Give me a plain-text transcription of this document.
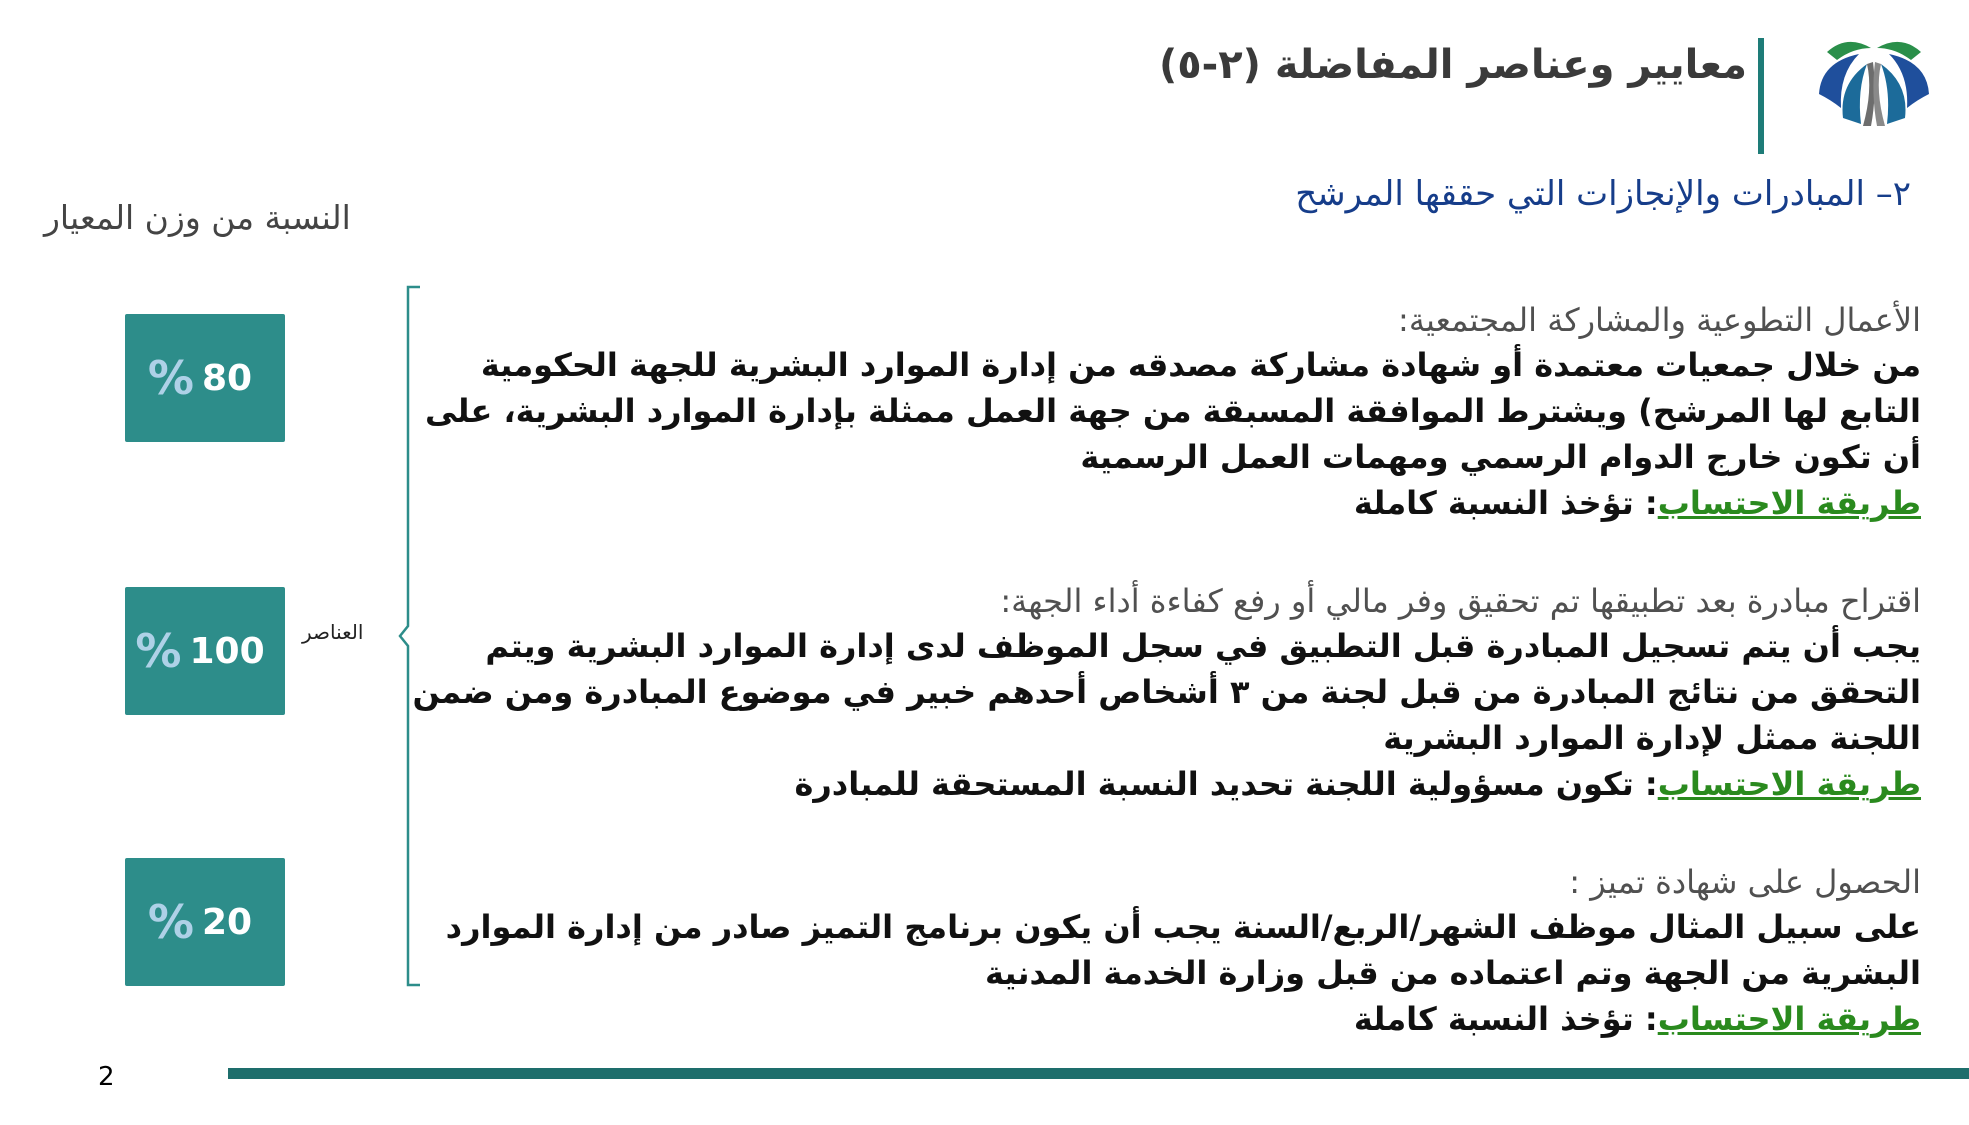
معايير وعناصر المفاضلة (٢-٥)
٢– المبادرات والإنجازات التي حققها المرشح
النسبة من وزن المعيار
80
%
100
%
20
%
العناصر
الأعمال التطوعية والمشاركة المجتمعية:
من خلال جمعيات معتمدة أو شهادة مشاركة مصدقه من إدارة الموارد البشرية للجهة الحكومية
التابع لها المرشح) ويشترط الموافقة المسبقة من جهة العمل ممثلة بإدارة الموارد البشرية، على
أن تكون خارج الدوام الرسمي ومهمات العمل الرسمية
طريقة الاحتساب: تؤخذ النسبة كاملة
اقتراح مبادرة بعد تطبيقها تم تحقيق وفر مالي أو رفع كفاءة أداء الجهة:
يجب أن يتم تسجيل المبادرة قبل التطبيق في سجل الموظف لدى إدارة الموارد البشرية ويتم
التحقق من نتائج المبادرة من قبل لجنة من ٣ أشخاص أحدهم خبير في موضوع المبادرة ومن ضمن
اللجنة ممثل لإدارة الموارد البشرية
طريقة الاحتساب: تكون مسؤولية اللجنة تحديد النسبة المستحقة للمبادرة
الحصول على شهادة تميز :
على سبيل المثال موظف الشهر/الربع/السنة يجب أن يكون برنامج التميز صادر من إدارة الموارد
البشرية من الجهة وتم اعتماده من قبل وزارة الخدمة المدنية
طريقة الاحتساب: تؤخذ النسبة كاملة
2
